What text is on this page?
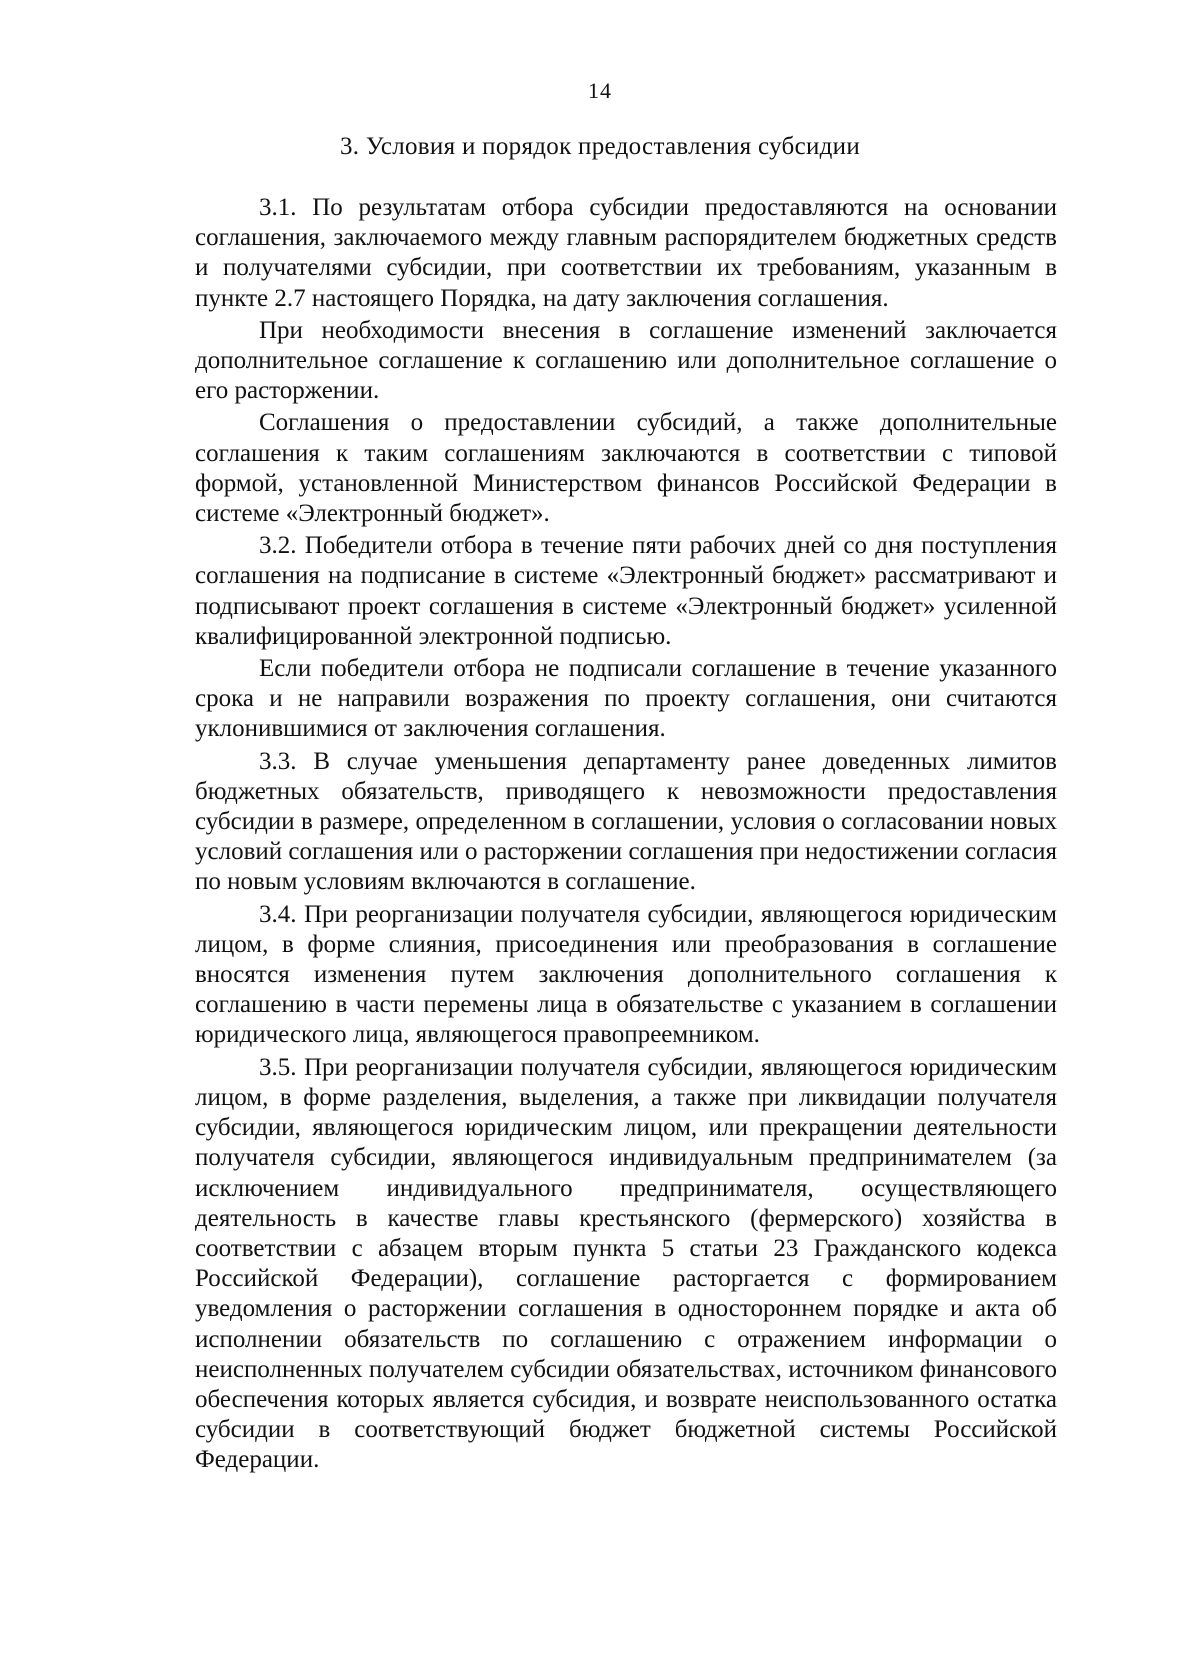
14
3. Условия и порядок предоставления субсидии

3.1. По результатам отбора субсидии предоставляются на основании соглашения, заключаемого между главным распорядителем бюджетных средств и получателями субсидии, при соответствии их требованиям, указанным в пункте 2.7 настоящего Порядка, на дату заключения соглашения.

При необходимости внесения в соглашение изменений заключается дополнительное соглашение к соглашению или дополнительное соглашение о его расторжении.

Соглашения о предоставлении субсидий, а также дополнительные соглашения к таким соглашениям заключаются в соответствии с типовой формой, установленной Министерством финансов Российской Федерации в системе «Электронный бюджет».

3.2. Победители отбора в течение пяти рабочих дней со дня поступления соглашения на подписание в системе «Электронный бюджет» рассматривают и подписывают проект соглашения в системе «Электронный бюджет» усиленной квалифицированной электронной подписью.

Если победители отбора не подписали соглашение в течение указанного срока и не направили возражения по проекту соглашения, они считаются уклонившимися от заключения соглашения.

3.3. В случае уменьшения департаменту ранее доведенных лимитов бюджетных обязательств, приводящего к невозможности предоставления субсидии в размере, определенном в соглашении, условия о согласовании новых условий соглашения или о расторжении соглашения при недостижении согласия по новым условиям включаются в соглашение.

3.4. При реорганизации получателя субсидии, являющегося юридическим лицом, в форме слияния, присоединения или преобразования в соглашение вносятся изменения путем заключения дополнительного соглашения к соглашению в части перемены лица в обязательстве с указанием в соглашении юридического лица, являющегося правопреемником.

3.5. При реорганизации получателя субсидии, являющегося юридическим лицом, в форме разделения, выделения, а также при ликвидации получателя субсидии, являющегося юридическим лицом, или прекращении деятельности получателя субсидии, являющегося индивидуальным предпринимателем (за исключением индивидуального предпринимателя, осуществляющего деятельность в качестве главы крестьянского (фермерского) хозяйства в соответствии с абзацем вторым пункта 5 статьи 23 Гражданского кодекса Российской Федерации), соглашение расторгается с формированием уведомления о расторжении соглашения в одностороннем порядке и акта об исполнении обязательств по соглашению с отражением информации о неисполненных получателем субсидии обязательствах, источником финансового обеспечения которых является субсидия, и возврате неиспользованного остатка субсидии в соответствующий бюджет бюджетной системы Российской Федерации.
